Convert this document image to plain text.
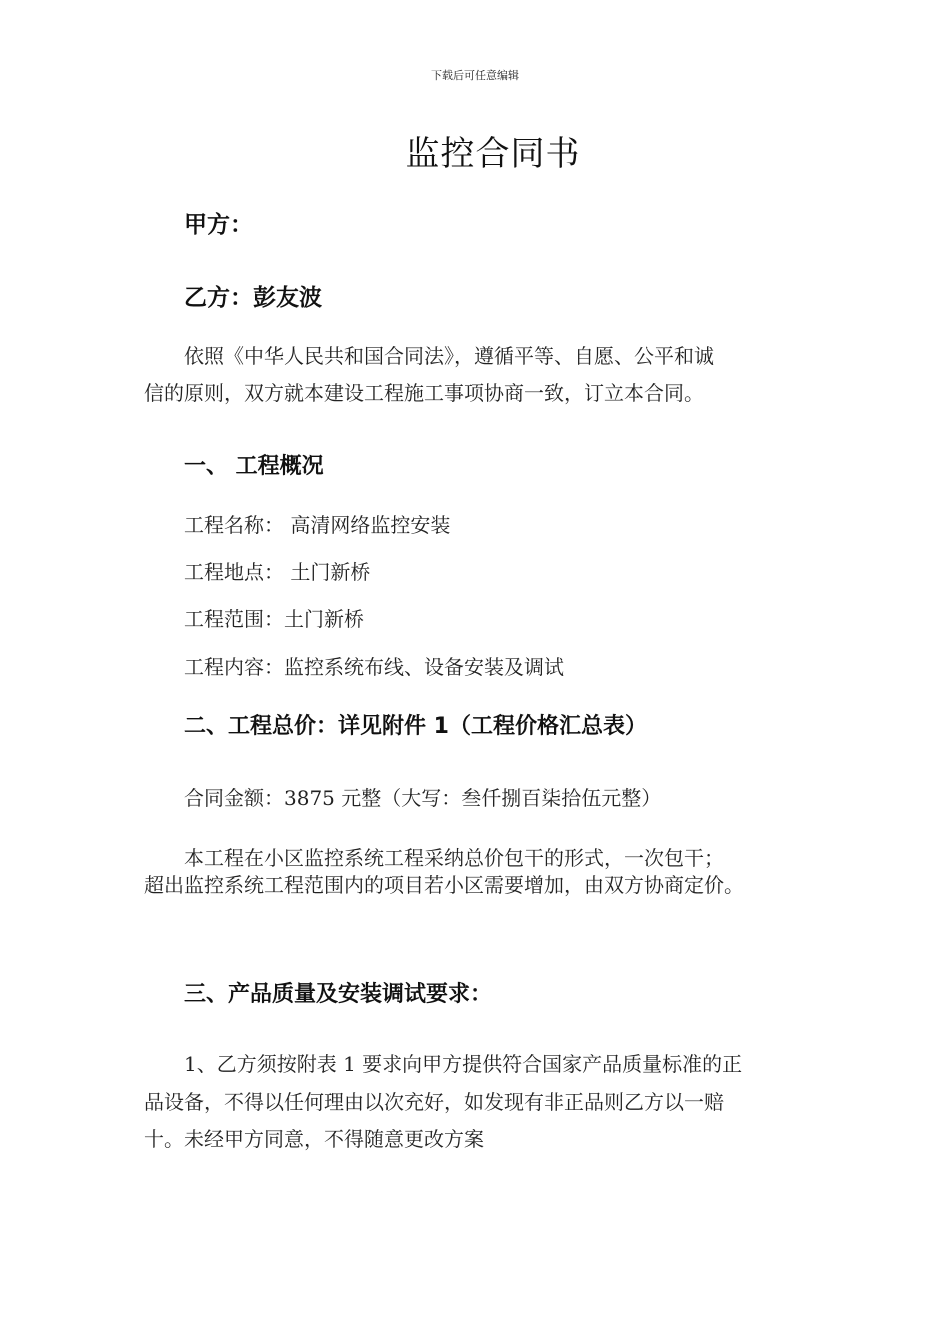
下载后可任意编辑
监控合同书
甲方：
乙方：彭友波
依照《中华人民共和国合同法》，遵循平等、自愿、公平和诚
信的原则，双方就本建设工程施工事项协商一致，订立本合同。
一、 工程概况
工程名称： 高清网络监控安装
工程地点： 土门新桥
工程范围：土门新桥
工程内容：监控系统布线、设备安装及调试
二、工程总价：详见附件 1（工程价格汇总表）
合同金额：3875 元整（大写：叁仟捌百柒拾伍元整）
本工程在小区监控系统工程采纳总价包干的形式，一次包干；
超出监控系统工程范围内的项目若小区需要增加，由双方协商定价。
三、产品质量及安装调试要求：
1、乙方须按附表 1 要求向甲方提供符合国家产品质量标准的正
品设备，不得以任何理由以次充好，如发现有非正品则乙方以一赔
十。未经甲方同意，不得随意更改方案
